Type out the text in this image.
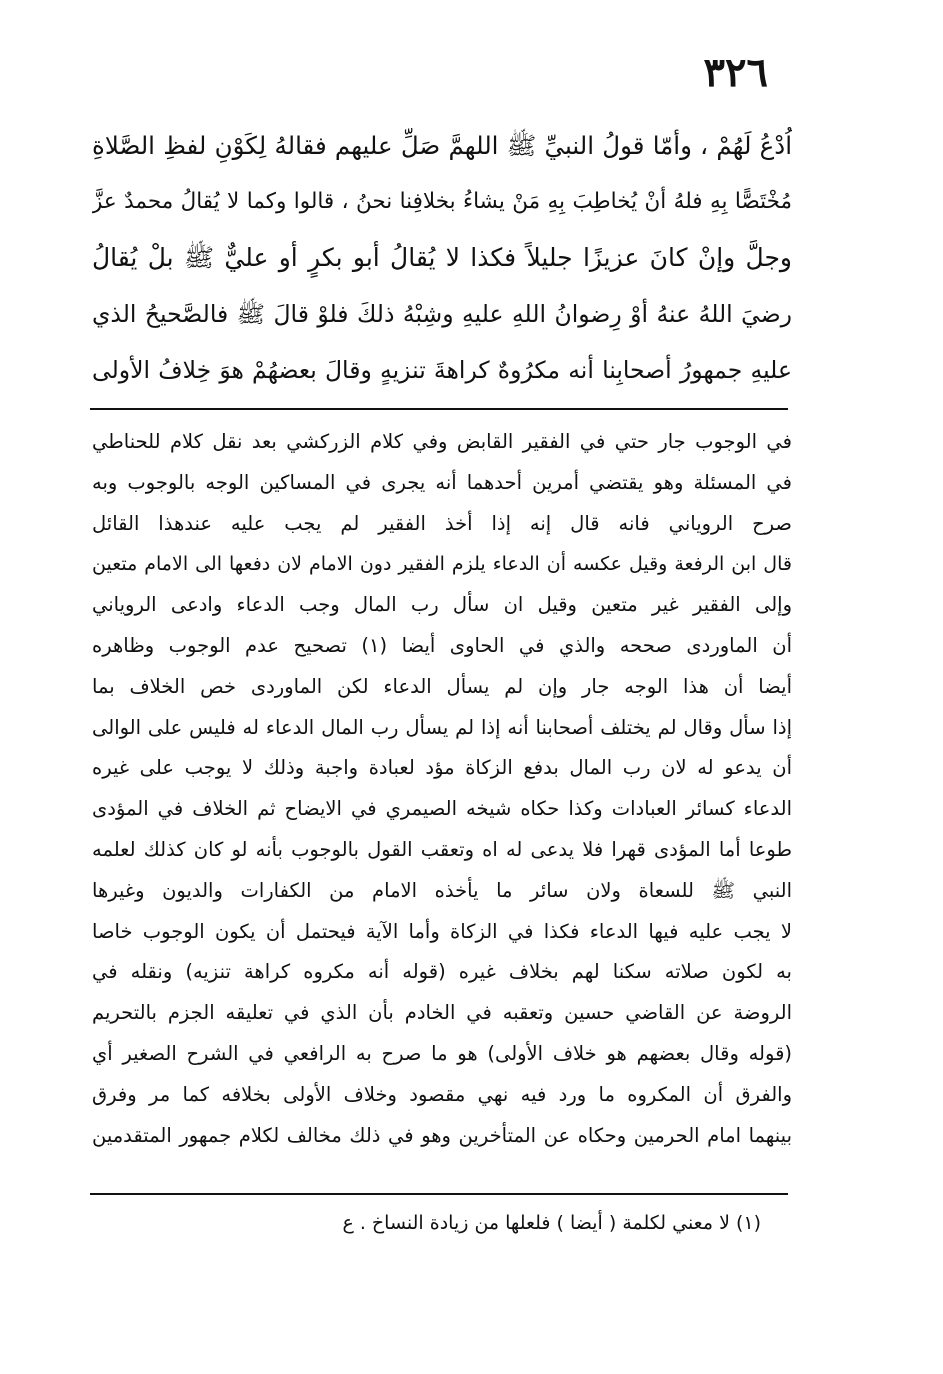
٣٢٦
اُدْعُ لَهُمْ ، وأمّا قولُ النبيِّ ﷺ اللهمَّ صَلِّ عليهم فقالهُ لِكَوْنِ لفظِ الصَّلاةِ
مُخْتَصًّا بِهِ فلهُ أنْ يُخاطِبَ بِهِ مَنْ يشاءُ بخلافِنا نحنُ ، قالوا وكما لا يُقالُ محمدٌ عزَّ
وجلَّ وإنْ كانَ عزيزًا جليلاً فكذا لا يُقالُ أبو بكرٍ أو عليٌّ ﷺ بلْ يُقالُ
رضيَ اللهُ عنهُ أوْ رِضوانُ اللهِ عليهِ وشِبْهُ ذلكَ فلوْ قالَ ﷺ فالصَّحيحُ الذي
عليهِ جمهورُ أصحابِنا أنه مكرُوهٌ كراهةَ تنزيهٍ وقالَ بعضهُمْ هوَ خِلافُ الأولى
في الوجوب جار حتي في الفقير القابض وفي كلام الزركشي بعد نقل كلام للحناطي
في المسئلة وهو يقتضي أمرين أحدهما أنه يجرى في المساكين الوجه بالوجوب وبه
صرح الروياني فانه قال إنه إذا أخذ الفقير لم يجب عليه عندهذا القائل
قال ابن الرفعة وقيل عكسه أن الدعاء يلزم الفقير دون الامام لان دفعها الى الامام متعين
وإلى الفقير غير متعين وقيل ان سأل رب المال وجب الدعاء وادعى الروياني
أن الماوردى صححه والذي في الحاوى أيضا (١) تصحيح عدم الوجوب وظاهره
أيضا أن هذا الوجه جار وإن لم يسأل الدعاء لكن الماوردى خص الخلاف بما
إذا سأل وقال لم يختلف أصحابنا أنه إذا لم يسأل رب المال الدعاء له فليس على الوالى
أن يدعو له لان رب المال بدفع الزكاة مؤد لعبادة واجبة وذلك لا يوجب على غيره
الدعاء كسائر العبادات وكذا حكاه شيخه الصيمري في الايضاح ثم الخلاف في المؤدى
طوعا أما المؤدى قهرا فلا يدعى له اه وتعقب القول بالوجوب بأنه لو كان كذلك لعلمه
النبي ﷺ للسعاة ولان سائر ما يأخذه الامام من الكفارات والديون وغيرها
لا يجب عليه فيها الدعاء فكذا في الزكاة وأما الآية فيحتمل أن يكون الوجوب خاصا
به لكون صلاته سكنا لهم بخلاف غيره (قوله أنه مكروه كراهة تنزيه) ونقله في
الروضة عن القاضي حسين وتعقبه في الخادم بأن الذي في تعليقه الجزم بالتحريم
(قوله وقال بعضهم هو خلاف الأولى) هو ما صرح به الرافعي في الشرح الصغير أي
والفرق أن المكروه ما ورد فيه نهي مقصود وخلاف الأولى بخلافه كما مر وفرق
بينهما امام الحرمين وحكاه عن المتأخرين وهو في ذلك مخالف لكلام جمهور المتقدمين
(١) لا معني لكلمة ( أيضا ) فلعلها من زيادة النساخ . ع
